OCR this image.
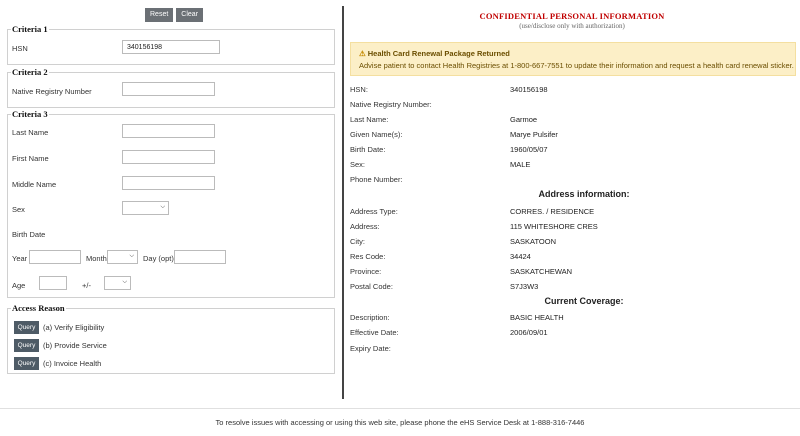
Reset	Clear
Criteria 1
HSN
340156198
Criteria 2
Native Registry Number
Criteria 3
Last Name
First Name
Middle Name
Sex	⌵
Birth Date
Year	Month	⌵ Day (opt)
Age	+/-	⌵
Access Reason
Query	(a) Verify Eligibility
Query	(b) Provide Service
Query	(c) Invoice Health
CONFIDENTIAL PERSONAL INFORMATION
(use/disclose only with authorization)
⚠ Health Card Renewal Package Returned
Advise patient to contact Health Registries at 1-800-667-7551 to update their information and request a health card renewal sticker.
HSN:	340156198
Native Registry Number:
Last Name:	Garmoe
Given Name(s):	Marye Pulsifer
Birth Date:	1960/05/07
Sex:	MALE
Phone Number:
Address information:
Address Type:	CORRES. / RESIDENCE
Address:	115 WHITESHORE CRES
City:	SASKATOON
Res Code:	34424
Province:	SASKATCHEWAN
Postal Code:	S7J3W3
Current Coverage:
Description:	BASIC HEALTH
Effective Date:	2006/09/01
Expiry Date:
To resolve issues with accessing or using this web site, please phone the eHS Service Desk at 1-888-316-7446
